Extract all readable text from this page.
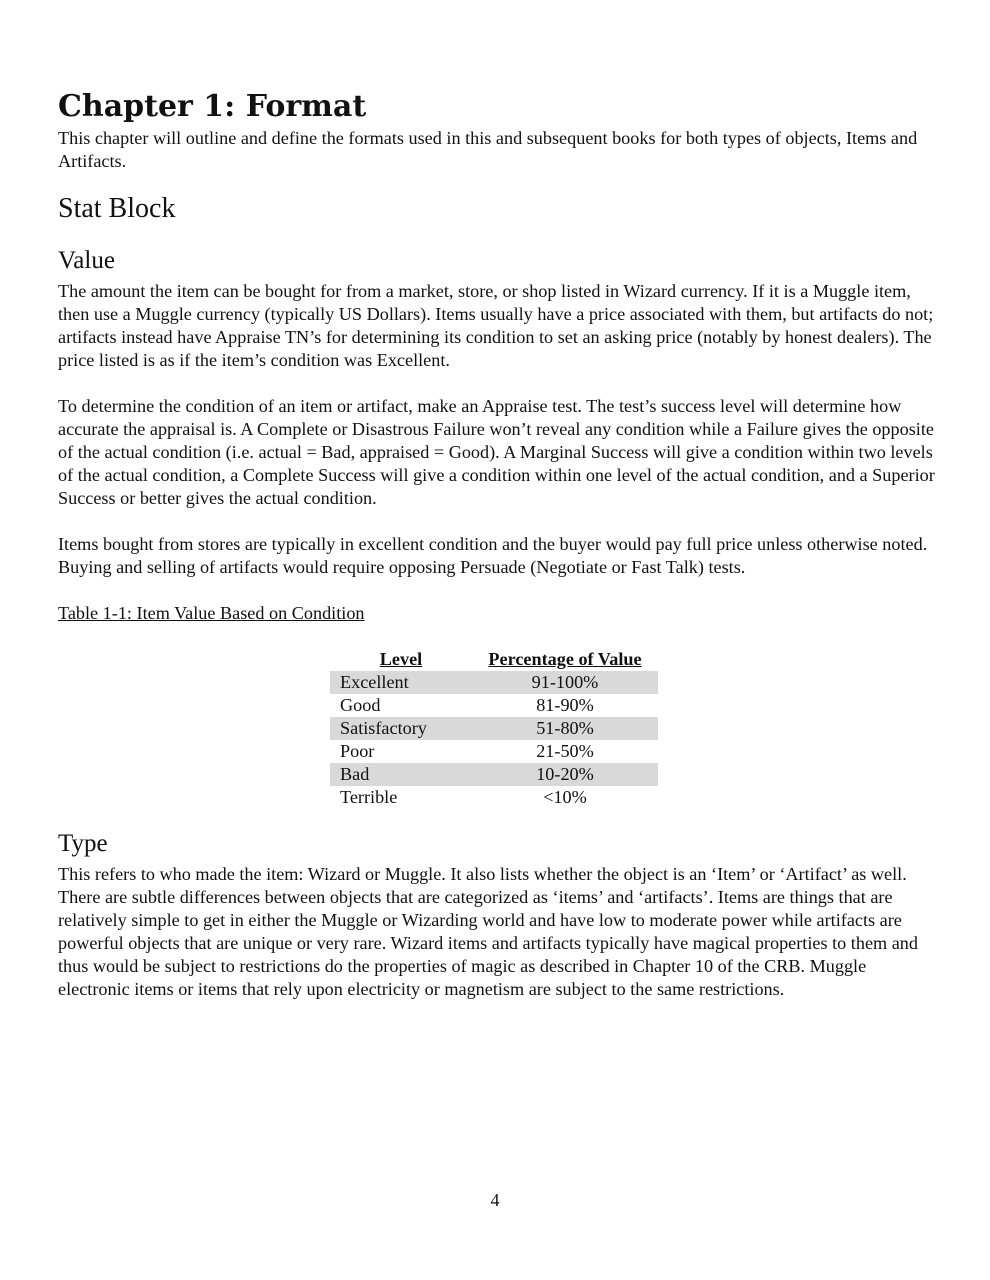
Chapter 1: Format

This chapter will outline and define the formats used in this and subsequent books for both types of objects, Items and Artifacts.

Stat Block
Value

The amount the item can be bought for from a market, store, or shop listed in Wizard currency. If it is a Muggle item, then use a Muggle currency (typically US Dollars). Items usually have a price associated with them, but artifacts do not; artifacts instead have Appraise TN’s for determining its condition to set an asking price (notably by honest dealers). The price listed is as if the item’s condition was Excellent.

To determine the condition of an item or artifact, make an Appraise test. The test’s success level will determine how accurate the appraisal is. A Complete or Disastrous Failure won’t reveal any condition while a Failure gives the opposite of the actual condition (i.e. actual = Bad, appraised = Good). A Marginal Success will give a condition within two levels of the actual condition, a Complete Success will give a condition within one level of the actual condition, and a Superior Success or better gives the actual condition.

Items bought from stores are typically in excellent condition and the buyer would pay full price unless otherwise noted. Buying and selling of artifacts would require opposing Persuade (Negotiate or Fast Talk) tests.

Table 1-1: Item Value Based on Condition
Level	Percentage of Value
Excellent	91-100%
Good	81-90%
Satisfactory	51-80%
Poor	21-50%
Bad	10-20%
Terrible	<10%
Type

This refers to who made the item: Wizard or Muggle. It also lists whether the object is an ‘Item’ or ‘Artifact’ as well. There are subtle differences between objects that are categorized as ‘items’ and ‘artifacts’. Items are things that are relatively simple to get in either the Muggle or Wizarding world and have low to moderate power while artifacts are powerful objects that are unique or very rare. Wizard items and artifacts typically have magical properties to them and thus would be subject to restrictions do the properties of magic as described in Chapter 10 of the CRB. Muggle electronic items or items that rely upon electricity or magnetism are subject to the same restrictions.

4
